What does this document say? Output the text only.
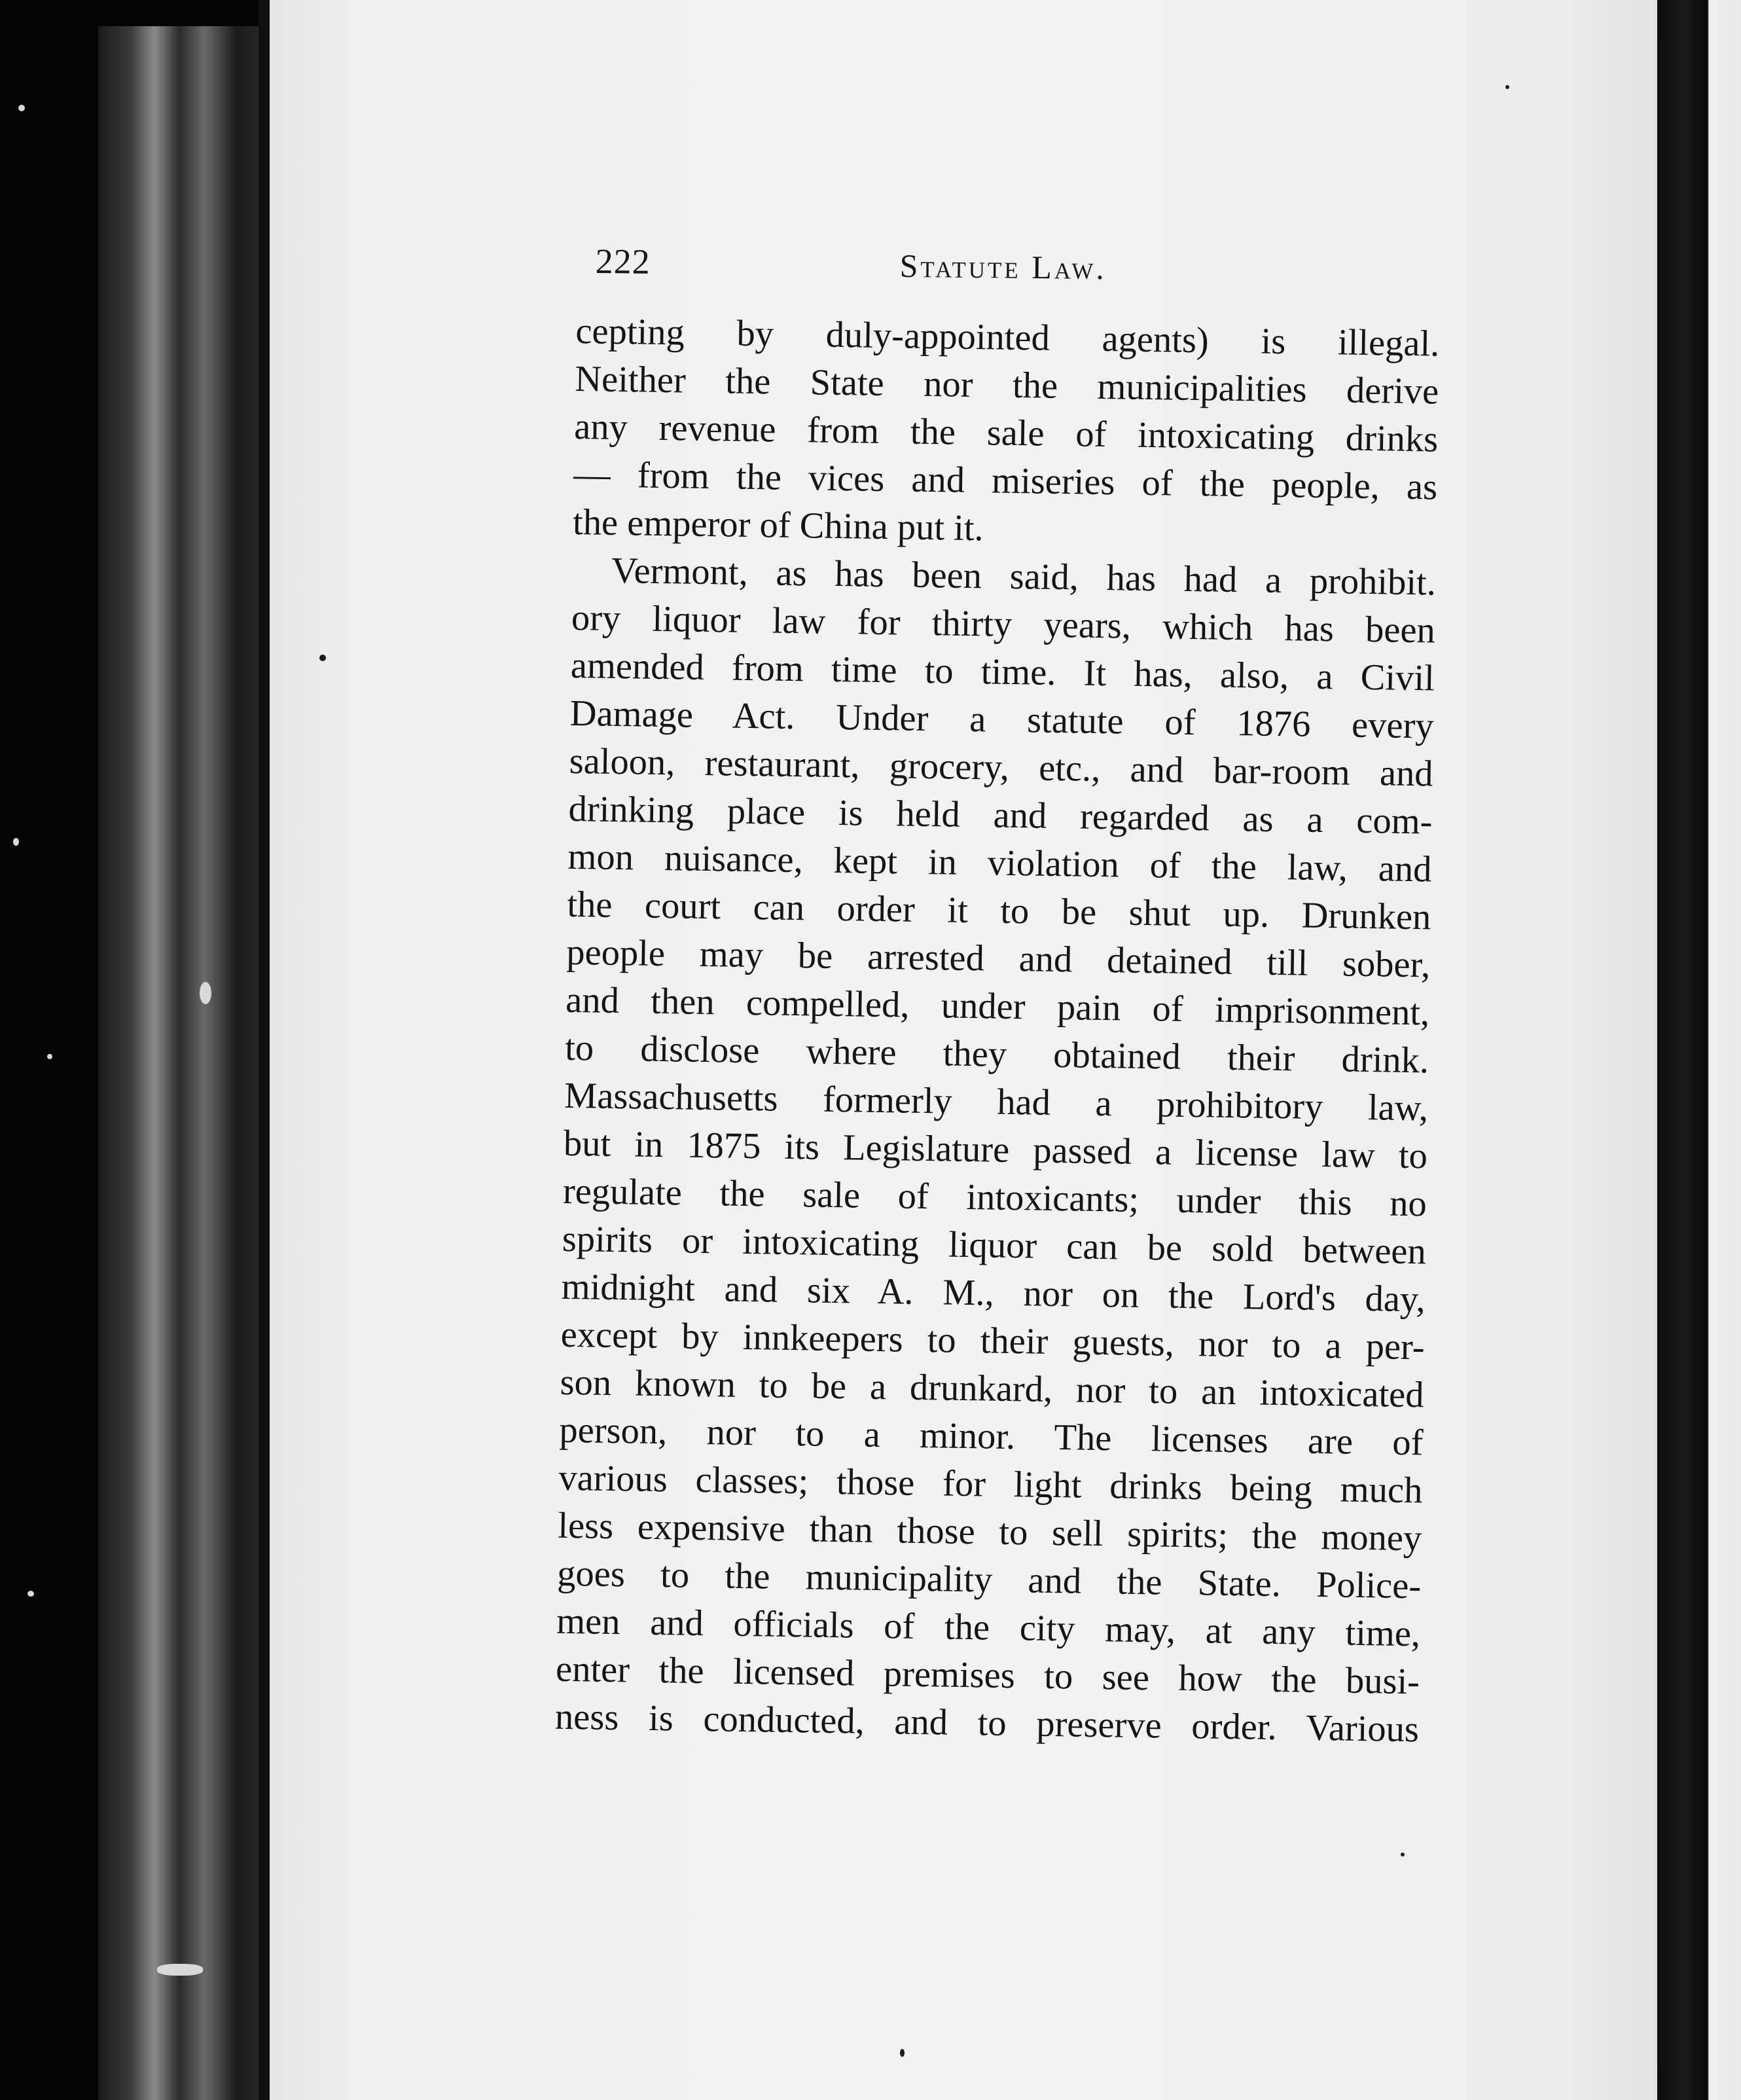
222	Statute Law.
cepting by duly-appointed agents) is illegal.
Neither the State nor the municipalities derive
any revenue from the sale of intoxicating drinks
— from the vices and miseries of the people, as
the emperor of China put it.
Vermont, as has been said, has had a prohibit.
ory liquor law for thirty years, which has been
amended from time to time. It has, also, a Civil
Damage Act. Under a statute of 1876 every
saloon, restaurant, grocery, etc., and bar-room and
drinking place is held and regarded as a com-
mon nuisance, kept in violation of the law, and
the court can order it to be shut up. Drunken
people may be arrested and detained till sober,
and then compelled, under pain of imprisonment,
to disclose where they obtained their drink.
Massachusetts formerly had a prohibitory law,
but in 1875 its Legislature passed a license law to
regulate the sale of intoxicants; under this no
spirits or intoxicating liquor can be sold between
midnight and six A. M., nor on the Lord's day,
except by innkeepers to their guests, nor to a per-
son known to be a drunkard, nor to an intoxicated
person, nor to a minor. The licenses are of
various classes; those for light drinks being much
less expensive than those to sell spirits; the money
goes to the municipality and the State. Police-
men and officials of the city may, at any time,
enter the licensed premises to see how the busi-
ness is conducted, and to preserve order. Various
